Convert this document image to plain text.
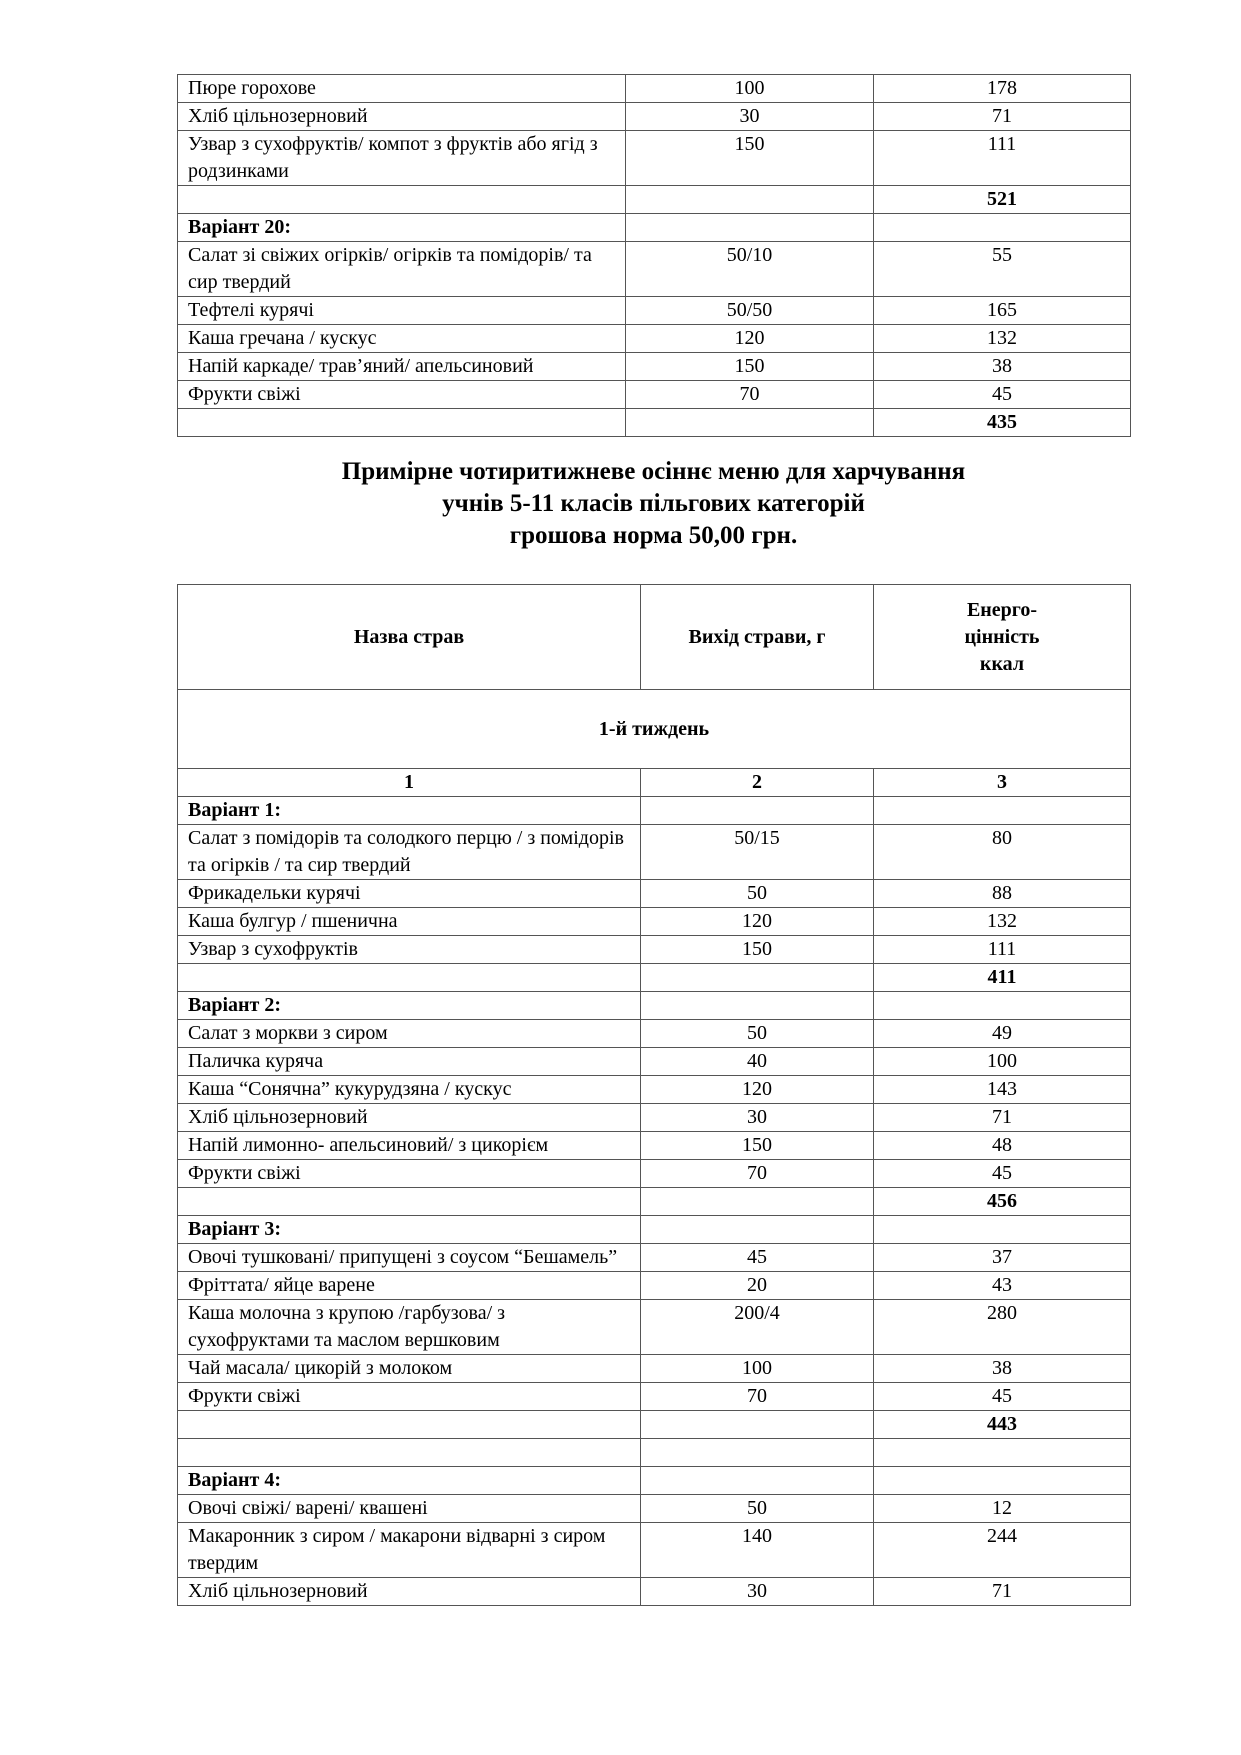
Пюре горохове	100	178
Хліб цільнозерновий	30	71
Узвар з сухофруктів/ компот з фруктів або ягід з родзинками	150	111
		521
Варіант 20:		
Салат зі свіжих огірків/ огірків та помідорів/ та сир твердий	50/10	55
Тефтелі курячі	50/50	165
Каша гречана / кускус	120	132
Напій каркаде/ трав’яний/ апельсиновий	150	38
Фрукти свіжі	70	45
		435
Примірне чотиритижневе осіннє меню для харчування
учнів 5-11 класів пільгових категорій
грошова норма 50,00 грн.
Назва страв	Вихід страви, г	Енерго-
цінність
ккал

1-й тиждень		
1	2	3
Варіант 1:		
Салат з помідорів та солодкого перцю / з помідорів та огірків / та сир твердий	50/15	80
Фрикадельки курячі	50	88
Каша булгур / пшенична	120	132
Узвар з сухофруктів	150	111
		411
Варіант 2:		
Салат з моркви з сиром	50	49
Паличка куряча	40	100
Каша “Сонячна” кукурудзяна / кускус	120	143
Хліб цільнозерновий	30	71
Напій лимонно- апельсиновий/ з цикорієм	150	48
Фрукти свіжі	70	45
		456
Варіант 3:		
Овочі тушковані/ припущені з соусом “Бешамель”	45	37
Фріттата/ яйце варене	20	43
Каша молочна з крупою /гарбузова/ з сухофруктами та маслом вершковим	200/4	280
Чай масала/ цикорій з молоком	100	38
Фрукти свіжі	70	45
		443

Варіант 4:		
Овочі свіжі/ варені/ квашені	50	12
Макаронник з сиром / макарони відварні з сиром твердим	140	244
Хліб цільнозерновий	30	71
